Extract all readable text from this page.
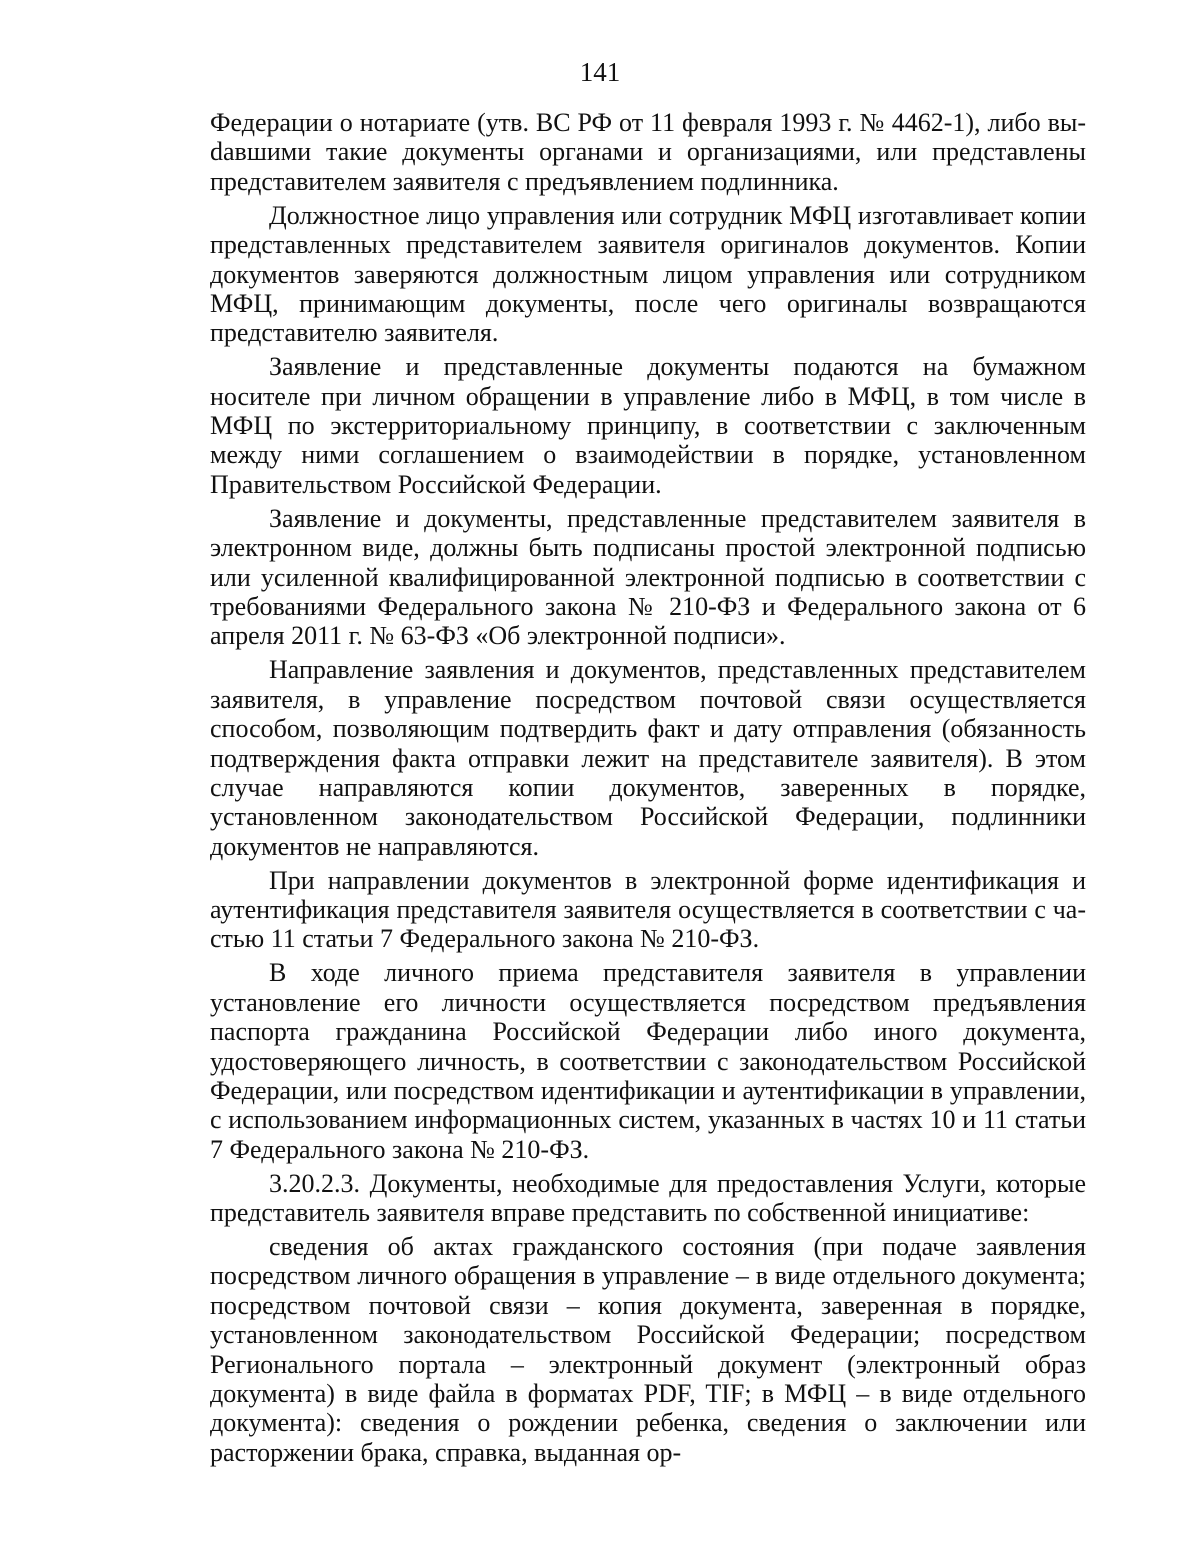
141

Федерации о нотариате (утв. ВС РФ от 11 февраля 1993 г. № 4462-1), либо выdавшими такие документы органами и организациями, или представлены представителем заявителя с предъявлением подлинника.

Должностное лицо управления или сотрудник МФЦ изготавливает копии представленных представителем заявителя оригиналов документов. Копии документов заверяются должностным лицом управления или сотрудником МФЦ, принимающим документы, после чего оригиналы возвращаются представителю заявителя.

Заявление и представленные документы подаются на бумажном носителе при личном обращении в управление либо в МФЦ, в том числе в МФЦ по экстерриториальному принципу, в соответствии с заключенным между ними соглашением о взаимодействии в порядке, установленном Правительством Российской Федерации.

Заявление и документы, представленные представителем заявителя в электронном виде, должны быть подписаны простой электронной подписью или усиленной квалифицированной электронной подписью в соответствии с требованиями Федерального закона № 210-ФЗ и Федерального закона от 6 апреля 2011 г. № 63-ФЗ «Об электронной подписи».

Направление заявления и документов, представленных представителем заявителя, в управление посредством почтовой связи осуществляется способом, позволяющим подтвердить факт и дату отправления (обязанность подтверждения факта отправки лежит на представителе заявителя). В этом случае направляются копии документов, заверенных в порядке, установленном законодательством Российской Федерации, подлинники документов не направляются.

При направлении документов в электронной форме идентификация и аутентификация представителя заявителя осуществляется в соответствии с частью 11 статьи 7 Федерального закона № 210-ФЗ.

В ходе личного приема представителя заявителя в управлении установление его личности осуществляется посредством предъявления паспорта гражданина Российской Федерации либо иного документа, удостоверяющего личность, в соответствии с законодательством Российской Федерации, или посредством идентификации и аутентификации в управлении, с использованием информационных систем, указанных в частях 10 и 11 статьи 7 Федерального закона № 210-ФЗ.

3.20.2.3. Документы, необходимые для предоставления Услуги, которые представитель заявителя вправе представить по собственной инициативе:

сведения об актах гражданского состояния (при подаче заявления посредством личного обращения в управление – в виде отдельного документа; посредством почтовой связи – копия документа, заверенная в порядке, установленном законодательством Российской Федерации; посредством Регионального портала – электронный документ (электронный образ документа) в виде файла в форматах PDF, TIF; в МФЦ – в виде отдельного документа): сведения о рождении ребенка, сведения о заключении или расторжении брака, справка, выданная ор-
